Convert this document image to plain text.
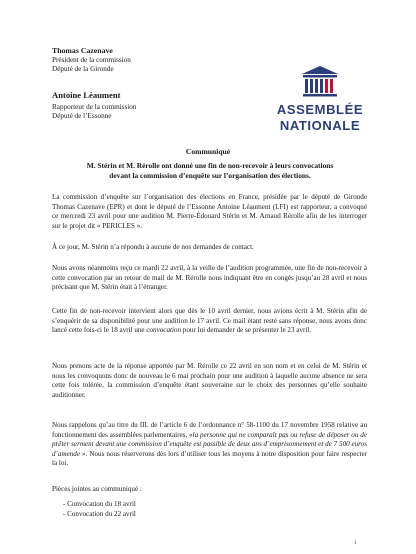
Thomas Cazenave
Président de la commission
Député de la Gironde
Antoine Léaument
Rapporteur de la commission
Député de l’Essonne	ASSEMBLÉE
NATIONALE
Communiqué
M. Stérin et M. Rérolle ont donné une fin de non-recevoir à leurs convocations
devant la commission d’enquête sur l’organisation des élections.
La commission d’enquête sur l’organisation des élections en France, présidée par le député de Gironde Thomas Cazenave (EPR) et dont le député de l’Essonne Antoine Léaument (LFI) est rapporteur, a convoqué ce mercredi 23 avril pour une audition M. Pierre-Édouard Stérin et M. Arnaud Rérolle afin de les interroger sur le projet dit « PERICLES ».
À ce jour, M. Stérin n’a répondu à aucune de nos demandes de contact.
Nous avons néanmoins reçu ce mardi 22 avril, à la veille de l’audition programmée, une fin de non-recevoir à cette convocation par un retour de mail de M. Rérolle nous indiquant être en congés jusqu’au 28 avril et nous précisant que M. Stérin était à l’étranger.
Cette fin de non-recevoir intervient alors que dès le 10 avril dernier, nous avions écrit à M. Stérin afin de s’enquérir de sa disponibilité pour une audition le 17 avril. Ce mail étant resté sans réponse, nous avons donc lancé cette fois-ci le 18 avril une convocation pour lui demander de se présenter le 23 avril.
Nous prenons acte de la réponse apportée par M. Rérolle ce 22 avril en son nom et en celui de M. Stérin et nous les convoquons donc de nouveau le 6 mai prochain pour une audition à laquelle aucune absence ne sera cette fois tolérée, la commission d’enquête étant souveraine sur le choix des personnes qu’elle souhaite auditionner.
Nous rappelons qu’au titre du III. de l’article 6 de l’ordonnance n° 58-1100 du 17 novembre 1958 relative au fonctionnement des assemblées parlementaires, «la personne qui ne comparaît pas ou refuse de déposer ou de prêter serment devant une commission d’enquête est passible de deux ans d’emprisonnement et de 7 500 euros d’amende ». Nous nous réserverons dès lors d’utiliser tous les moyens à notre disposition pour faire respecter la loi.
Pièces jointes au communiqué :
- Convocation du 18 avril
- Convocation du 22 avril
1
